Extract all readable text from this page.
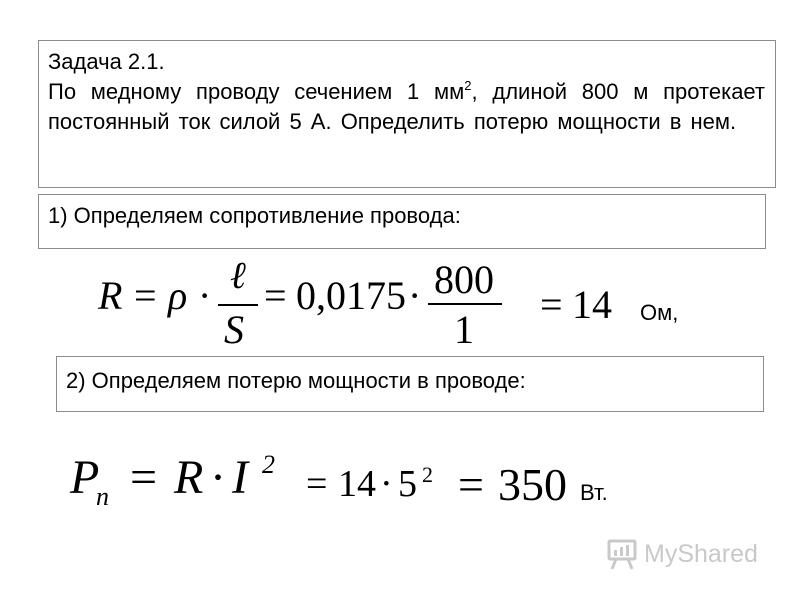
Задача 2.1.
По медному проводу сечением 1 $мм^2$, длиной 800 м протекает постоянный ток силой 5 А. Определить потерю мощности в нем.
1) Определяем сопротивление провода:
R = ρ · ℓ
S
= 0,0175 · 800
1
= 14 Ом,
2) Определяем потерю мощности в проводе:
P
п = R · I 2 = 14 · 5 2 = 350 Вт.
MyShared
